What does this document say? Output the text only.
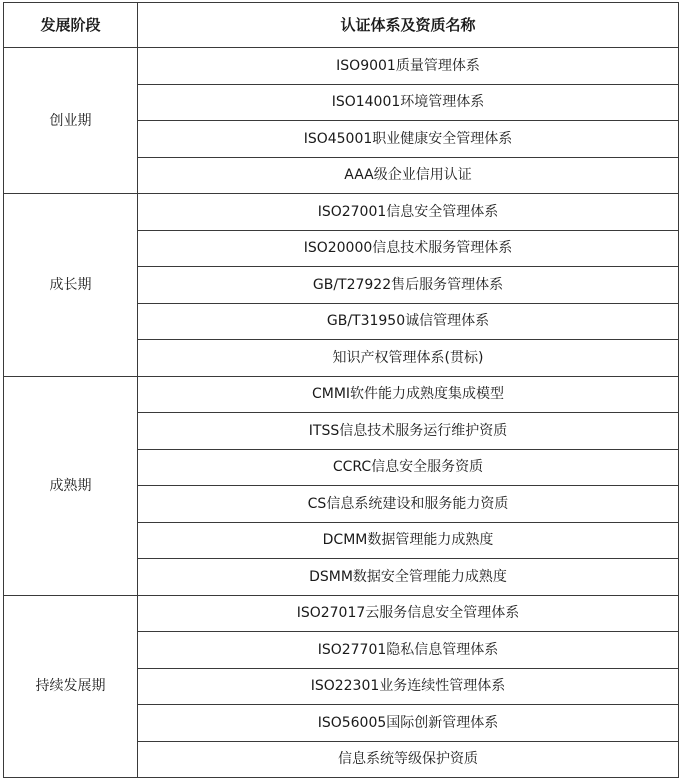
发展阶段	认证体系及资质名称
创业期	ISO9001质量管理体系
	ISO14001环境管理体系
	ISO45001职业健康安全管理体系
	AAA级企业信用认证
成长期	ISO27001信息安全管理体系
	ISO20000信息技术服务管理体系
	GB/T27922售后服务管理体系
	GB/T31950诚信管理体系
	知识产权管理体系(贯标)
成熟期	CMMI软件能力成熟度集成模型
	ITSS信息技术服务运行维护资质
	CCRC信息安全服务资质
	CS信息系统建设和服务能力资质
	DCMM数据管理能力成熟度
	DSMM数据安全管理能力成熟度
持续发展期	ISO27017云服务信息安全管理体系
	ISO27701隐私信息管理体系
	ISO22301业务连续性管理体系
	ISO56005国际创新管理体系
	信息系统等级保护资质
